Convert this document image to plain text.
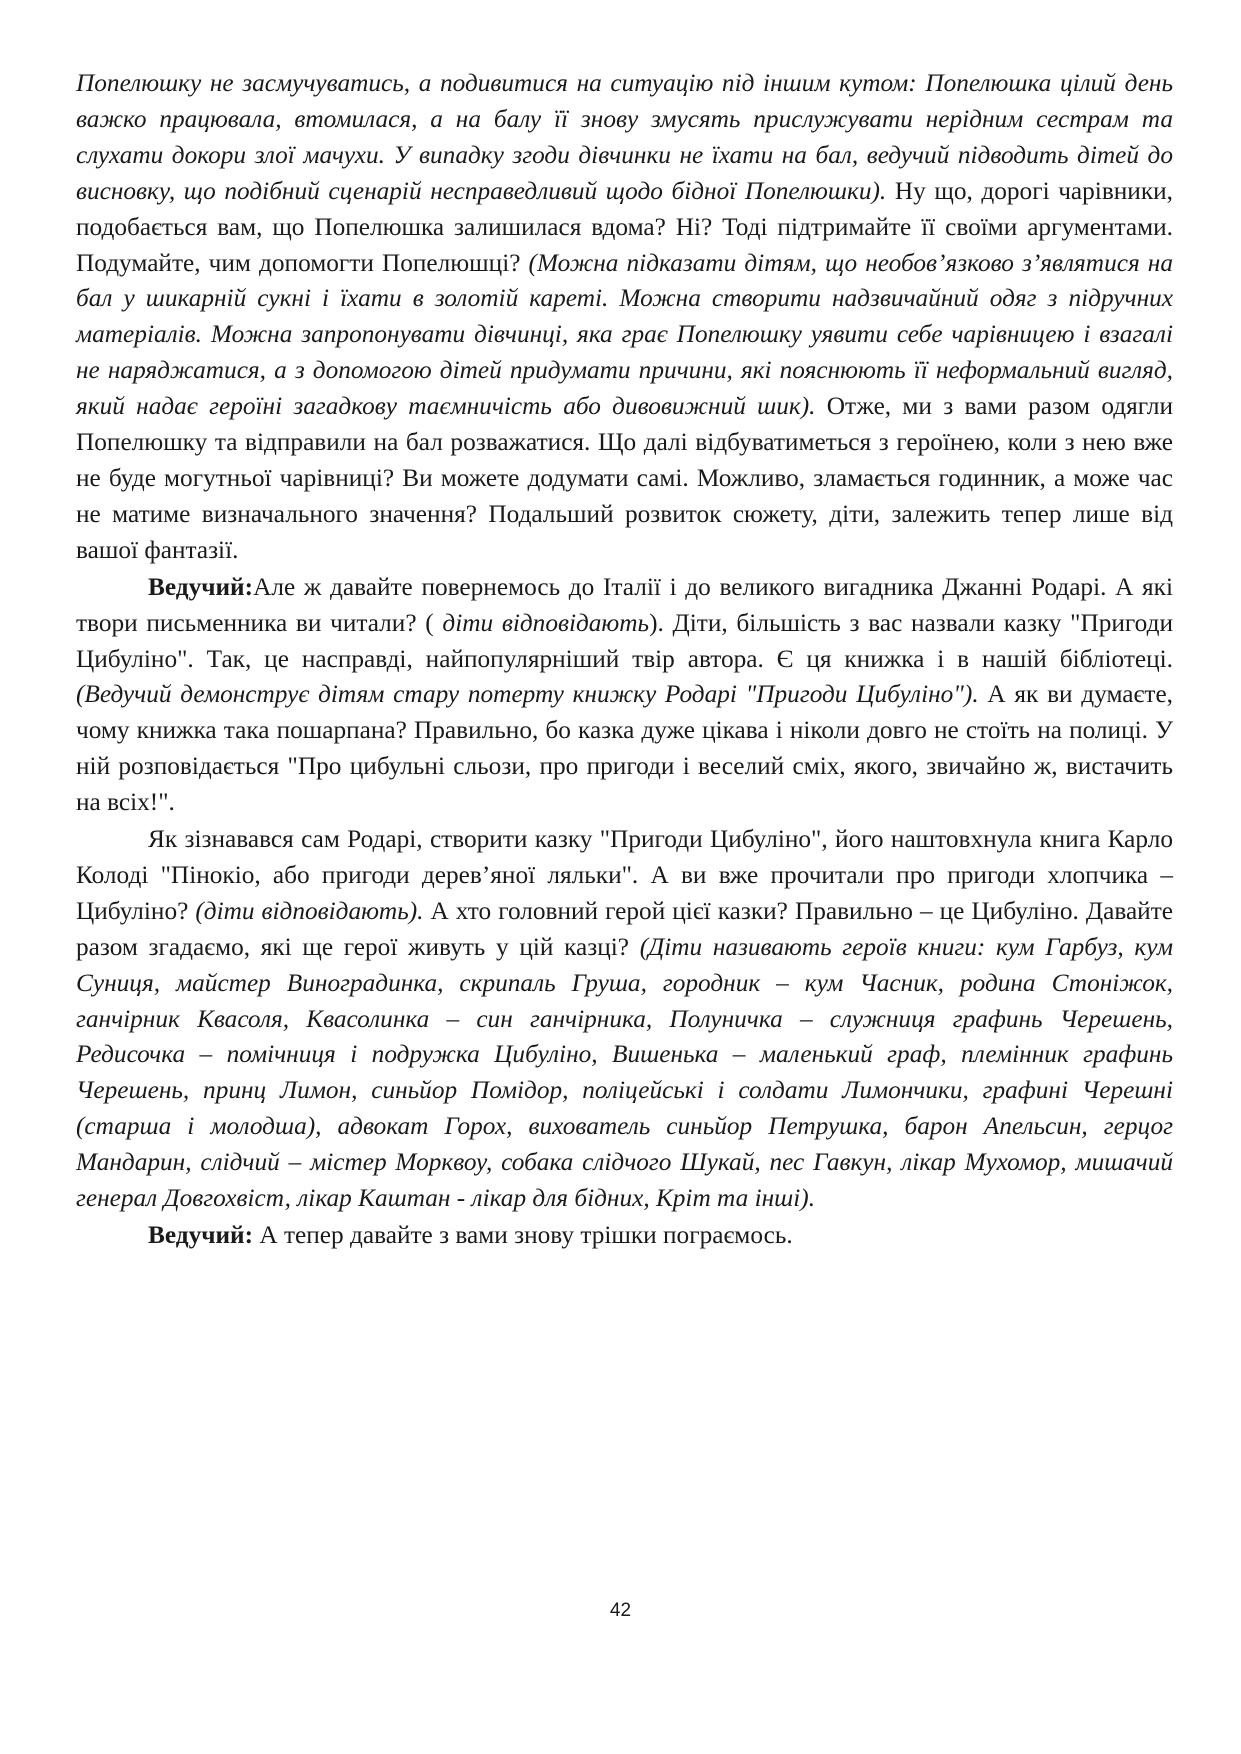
Попелюшку не засмучуватись, а подивитися на ситуацію під іншим кутом: Попелюшка цілий день важко працювала, втомилася, а на балу її знову змусять прислужувати нерідним сестрам та слухати докори злої мачухи. У випадку згоди дівчинки не їхати на бал, ведучий підводить дітей до висновку, що подібний сценарій несправедливий щодо бідної Попелюшки). Ну що, дорогі чарівники, подобається вам, що Попелюшка залишилася вдома? Ні? Тоді підтримайте її своїми аргументами. Подумайте, чим допомогти Попелюшці? (Можна підказати дітям, що необов’язково з’являтися на бал у шикарній сукні і їхати в золотій кареті. Можна створити надзвичайний одяг з підручних матеріалів. Можна запропонувати дівчинці, яка грає Попелюшку уявити себе чарівницею і взагалі не наряджатися, а з допомогою дітей придумати причини, які пояснюють її неформальний вигляд, який надає героїні загадкову таємничість або дивовижний шик). Отже, ми з вами разом одягли Попелюшку та відправили на бал розважатися. Що далі відбуватиметься з героїнею, коли з нею вже не буде могутньої чарівниці? Ви можете додумати самі. Можливо, зламається годинник, а може час не матиме визначального значення? Подальший розвиток сюжету, діти, залежить тепер лише від вашої фантазії.

Ведучий:Але ж давайте повернемось до Італії і до великого вигадника Джанні Родарі. А які твори письменника ви читали? ( діти відповідають). Діти, більшість з вас назвали казку "Пригоди Цибуліно". Так, це насправді, найпопулярніший твір автора. Є ця книжка і в нашій бібліотеці. (Ведучий демонструє дітям стару потерту книжку Родарі "Пригоди Цибуліно"). А як ви думаєте, чому книжка така пошарпана? Правильно, бо казка дуже цікава і ніколи довго не стоїть на полиці. У ній розповідається "Про цибульні сльози, про пригоди і веселий сміх, якого, звичайно ж, вистачить на всіх!".

Як зізнавався сам Родарі, створити казку "Пригоди Цибуліно", його наштовхнула книга Карло Колоді "Пінокіо, або пригоди дерев’яної ляльки". А ви вже прочитали про пригоди хлопчика – Цибуліно? (діти відповідають). А хто головний герой цієї казки? Правильно – це Цибуліно. Давайте разом згадаємо, які ще герої живуть у цій казці? (Діти називають героїв книги: кум Гарбуз, кум Суниця, майстер Виноградинка, скрипаль Груша, городник – кум Часник, родина Стоніжок, ганчірник Квасоля, Квасолинка – син ганчірника, Полуничка – служниця графинь Черешень, Редисочка – помічниця і подружка Цибуліно, Вишенька – маленький граф, племінник графинь Черешень, принц Лимон, синьйор Помідор, поліцейські і солдати Лимончики, графині Черешні (старша і молодша), адвокат Горох, вихователь синьйор Петрушка, барон Апельсин, герцог Мандарин, слідчий – містер Морквоу, собака слідчого Шукай, пес Гавкун, лікар Мухомор, мишачий генерал Довгохвіст, лікар Каштан - лікар для бідних, Кріт та інші).

Ведучий: А тепер давайте з вами знову трішки пограємось.

42
